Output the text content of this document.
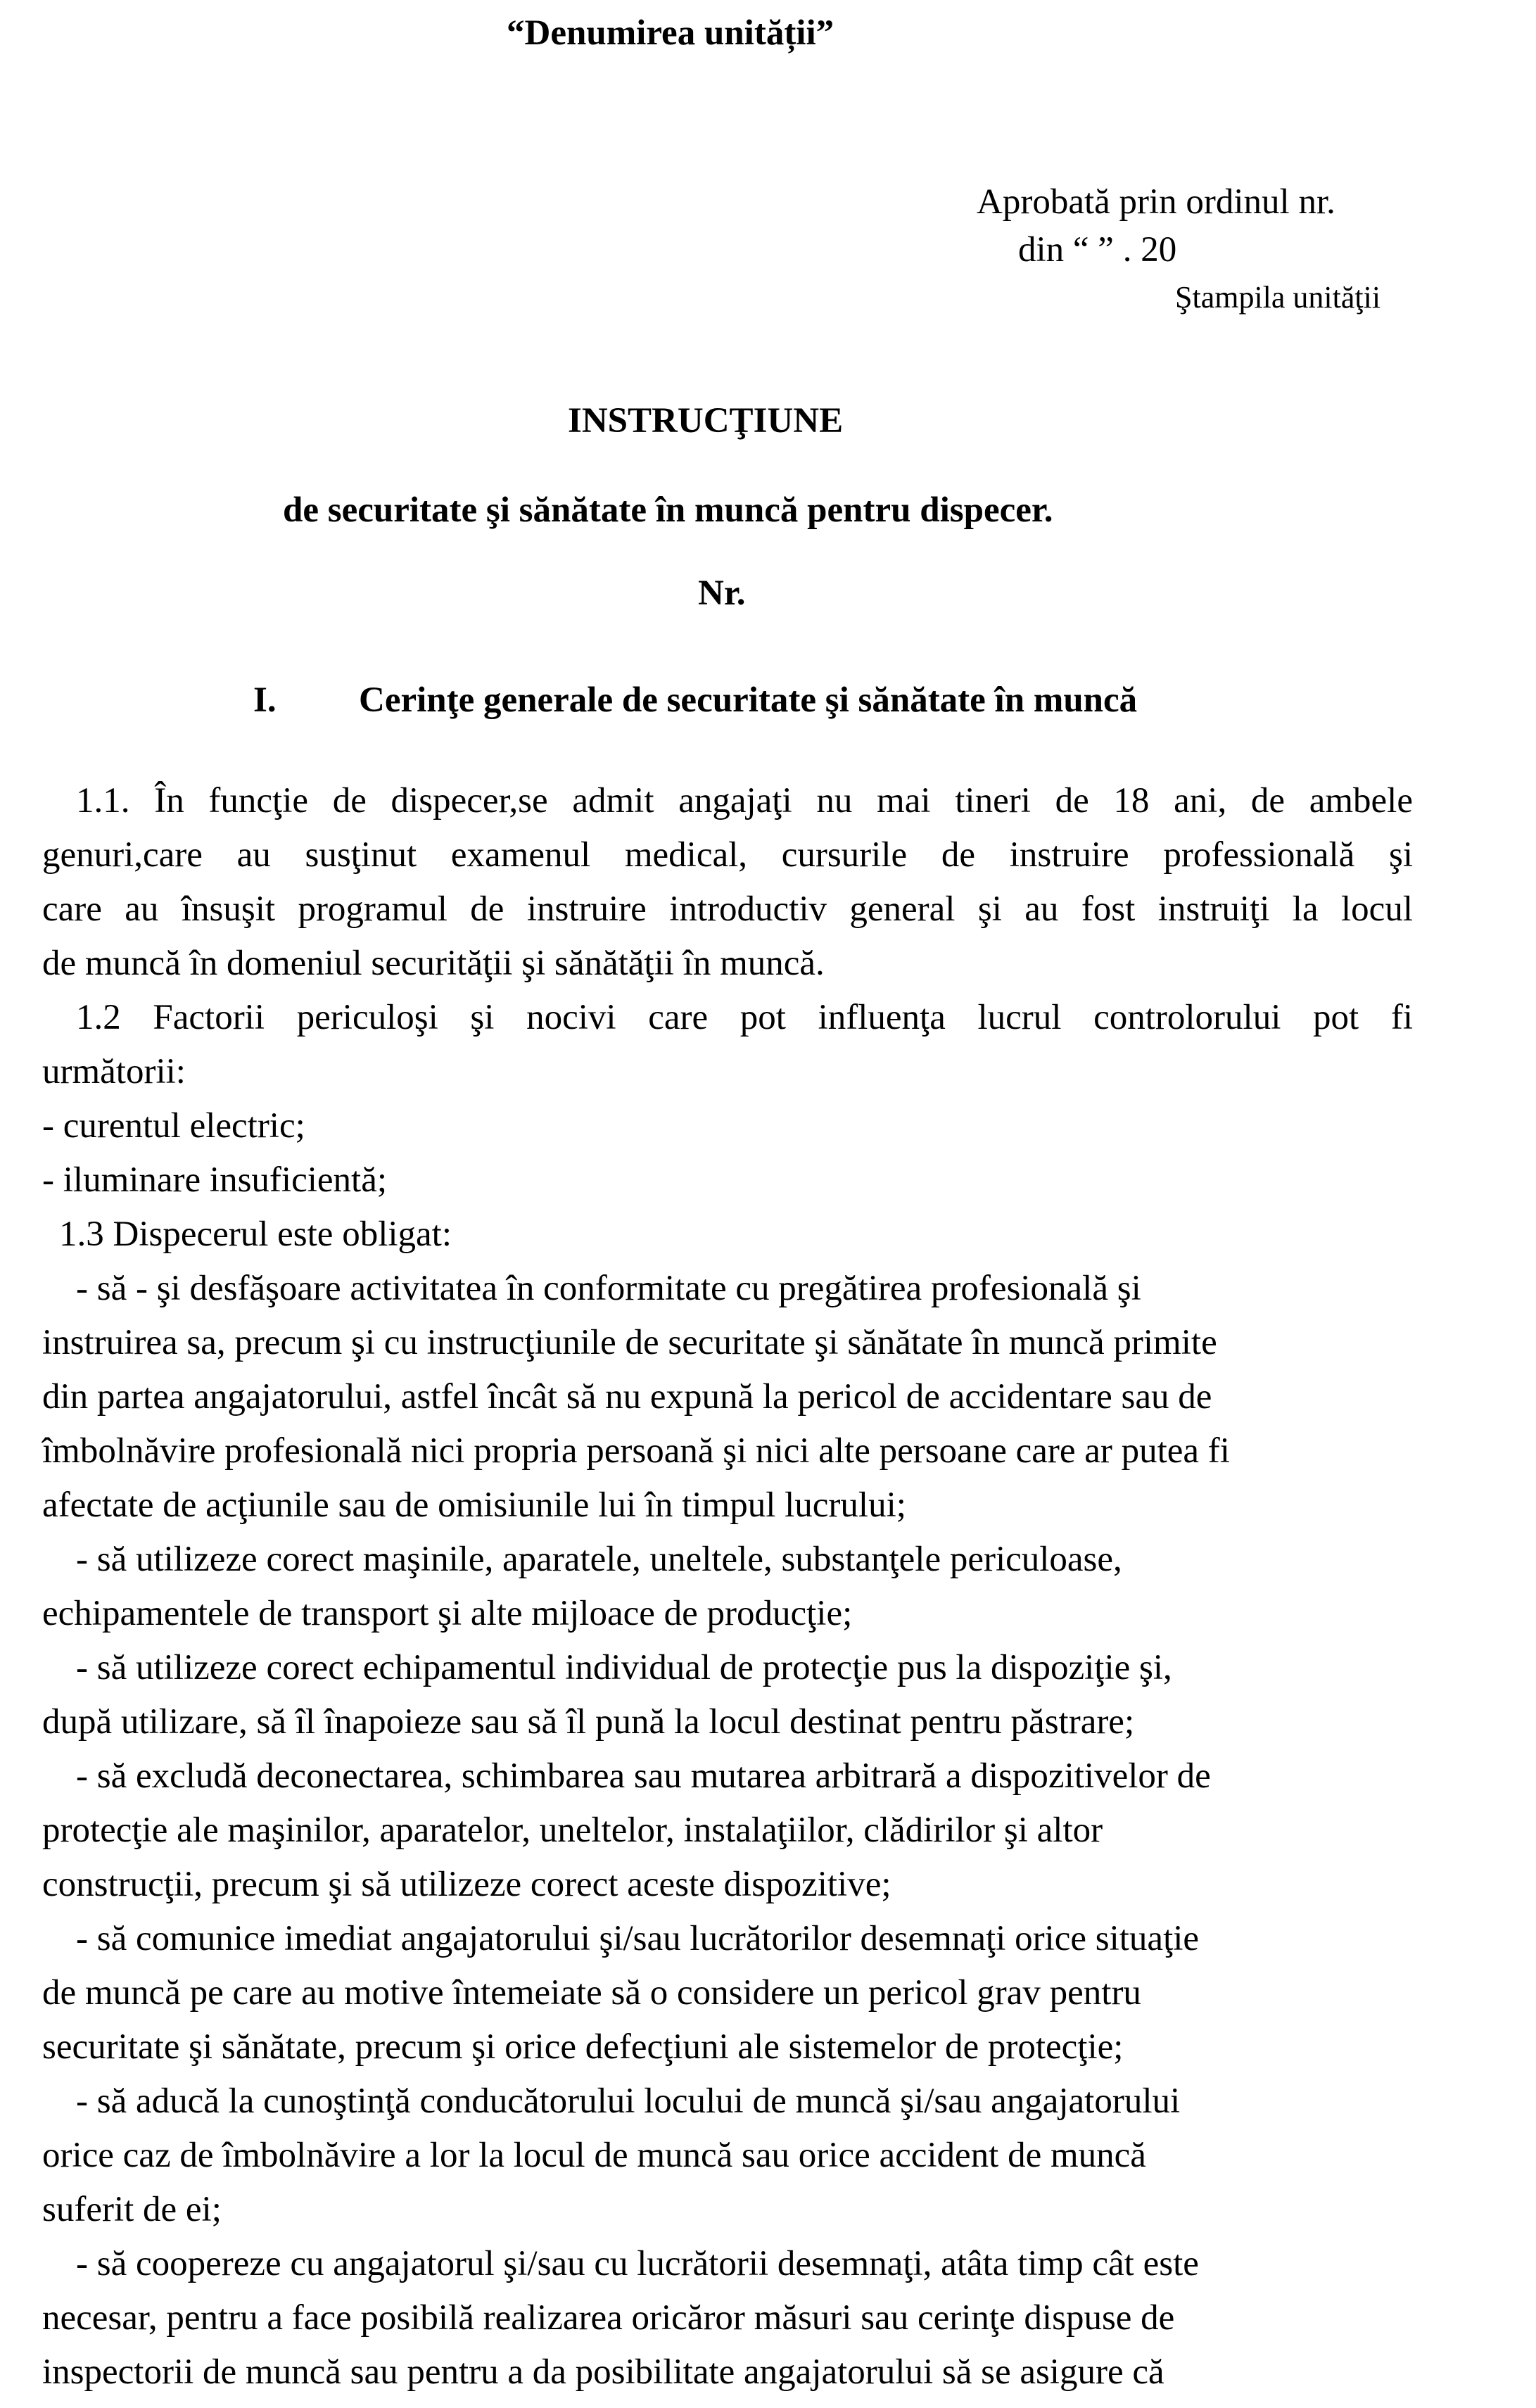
“Denumirea unității”
Aprobată prin ordinul nr.
din “ ” . 20
Ştampila unităţii
INSTRUCŢIUNE
de securitate şi sănătate în muncă pentru dispecer.
Nr.
I. Cerinţe generale de securitate şi sănătate în muncă
1.1. În funcţie de dispecer,se admit angajaţi nu mai tineri de 18 ani, de ambele
genuri,care au susţinut examenul medical, cursurile de instruire professională şi
care au însuşit programul de instruire introductiv general şi au fost instruiţi la locul
de muncă în domeniul securităţii şi sănătăţii în muncă.
1.2 Factorii periculoşi şi nocivi care pot influenţa lucrul controlorului pot fi
următorii:
- curentul electric;
- iluminare insuficientă;
1.3 Dispecerul este obligat:
- să - şi desfăşoare activitatea în conformitate cu pregătirea profesională şi
instruirea sa, precum şi cu instrucţiunile de securitate şi sănătate în muncă primite
din partea angajatorului, astfel încât să nu expună la pericol de accidentare sau de
îmbolnăvire profesională nici propria persoană şi nici alte persoane care ar putea fi
afectate de acţiunile sau de omisiunile lui în timpul lucrului;
- să utilizeze corect maşinile, aparatele, uneltele, substanţele periculoase,
echipamentele de transport şi alte mijloace de producţie;
- să utilizeze corect echipamentul individual de protecţie pus la dispoziţie şi,
după utilizare, să îl înapoieze sau să îl pună la locul destinat pentru păstrare;
- să excludă deconectarea, schimbarea sau mutarea arbitrară a dispozitivelor de
protecţie ale maşinilor, aparatelor, uneltelor, instalaţiilor, clădirilor şi altor
construcţii, precum şi să utilizeze corect aceste dispozitive;
- să comunice imediat angajatorului şi/sau lucrătorilor desemnaţi orice situaţie
de muncă pe care au motive întemeiate să o considere un pericol grav pentru
securitate şi sănătate, precum şi orice defecţiuni ale sistemelor de protecţie;
- să aducă la cunoştinţă conducătorului locului de muncă şi/sau angajatorului
orice caz de îmbolnăvire a lor la locul de muncă sau orice accident de muncă
suferit de ei;
- să coopereze cu angajatorul şi/sau cu lucrătorii desemnaţi, atâta timp cât este
necesar, pentru a face posibilă realizarea oricăror măsuri sau cerinţe dispuse de
inspectorii de muncă sau pentru a da posibilitate angajatorului să se asigure că
